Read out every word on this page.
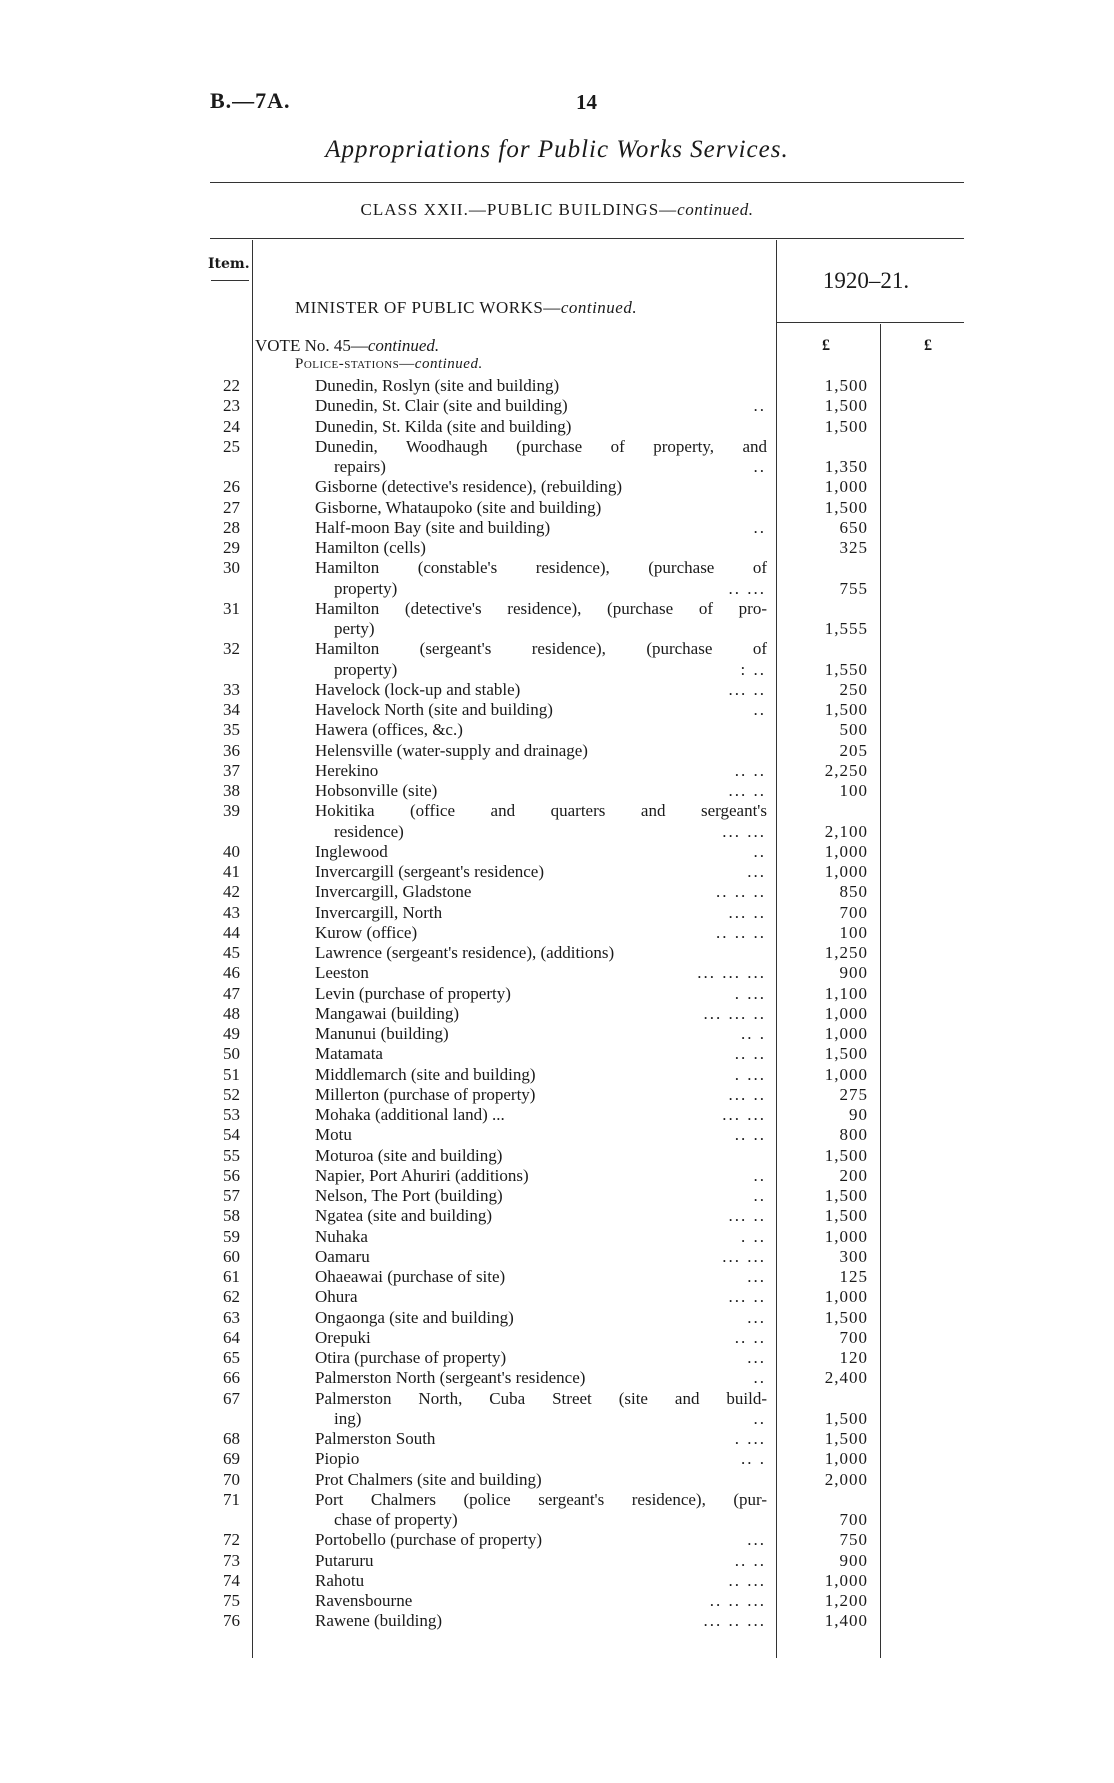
B.—7A.	14
Appropriations for Public Works Services.
CLASS XXII.—PUBLIC BUILDINGS—continued.
Item.
MINISTER OF PUBLIC WORKS—continued.
1920–21.
£	£
VOTE No. 45—continued.
Police-stations—continued.
22	Dunedin, Roslyn (site and building)	1,500
23	Dunedin, St. Clair (site and building)	..	1,500
24	Dunedin, St. Kilda (site and building)	1,500
25	Dunedin, Woodhaugh (purchase of property, and
repairs)	..	1,350
26	Gisborne (detective's residence), (rebuilding)	1,000
27	Gisborne, Whataupoko (site and building)	1,500
28	Half-moon Bay (site and building)	..	650
29	Hamilton (cells)	325
30	Hamilton (constable's residence), (purchase of
property)	.. ...	755
31	Hamilton (detective's residence), (purchase of pro-
perty)	1,555
32	Hamilton (sergeant's residence), (purchase of
property)	: ..	1,550
33	Havelock (lock-up and stable)	... ..	250
34	Havelock North (site and building)	..	1,500
35	Hawera (offices, &c.)	500
36	Helensville (water-supply and drainage)	205
37	Herekino	.. ..	2,250
38	Hobsonville (site)	... ..	100
39	Hokitika (office and quarters and sergeant's
residence)	... ...	2,100
40	Inglewood	..	1,000
41	Invercargill (sergeant's residence)	...	1,000
42	Invercargill, Gladstone	.. .. ..	850
43	Invercargill, North	... ..	700
44	Kurow (office)	.. .. ..	100
45	Lawrence (sergeant's residence), (additions)	1,250
46	Leeston	... ... ...	900
47	Levin (purchase of property)	. ...	1,100
48	Mangawai (building)	... ... ..	1,000
49	Manunui (building)	.. .	1,000
50	Matamata	.. ..	1,500
51	Middlemarch (site and building)	. ...	1,000
52	Millerton (purchase of property)	... ..	275
53	Mohaka (additional land) ...	... ...	90
54	Motu	.. ..	800
55	Moturoa (site and building)	1,500
56	Napier, Port Ahuriri (additions)	..	200
57	Nelson, The Port (building)	..	1,500
58	Ngatea (site and building)	... ..	1,500
59	Nuhaka	. ..	1,000
60	Oamaru	... ...	300
61	Ohaeawai (purchase of site)	...	125
62	Ohura	... ..	1,000
63	Ongaonga (site and building)	...	1,500
64	Orepuki	.. ..	700
65	Otira (purchase of property)	...	120
66	Palmerston North (sergeant's residence)	..	2,400
67	Palmerston North, Cuba Street (site and build-
ing)	..	1,500
68	Palmerston South	. ...	1,500
69	Piopio	.. .	1,000
70	Prot Chalmers (site and building)	2,000
71	Port Chalmers (police sergeant's residence), (pur-
chase of property)	700
72	Portobello (purchase of property)	...	750
73	Putaruru	.. ..	900
74	Rahotu	.. ...	1,000
75	Ravensbourne	.. .. ...	1,200
76	Rawene (building)	... .. ...	1,400
